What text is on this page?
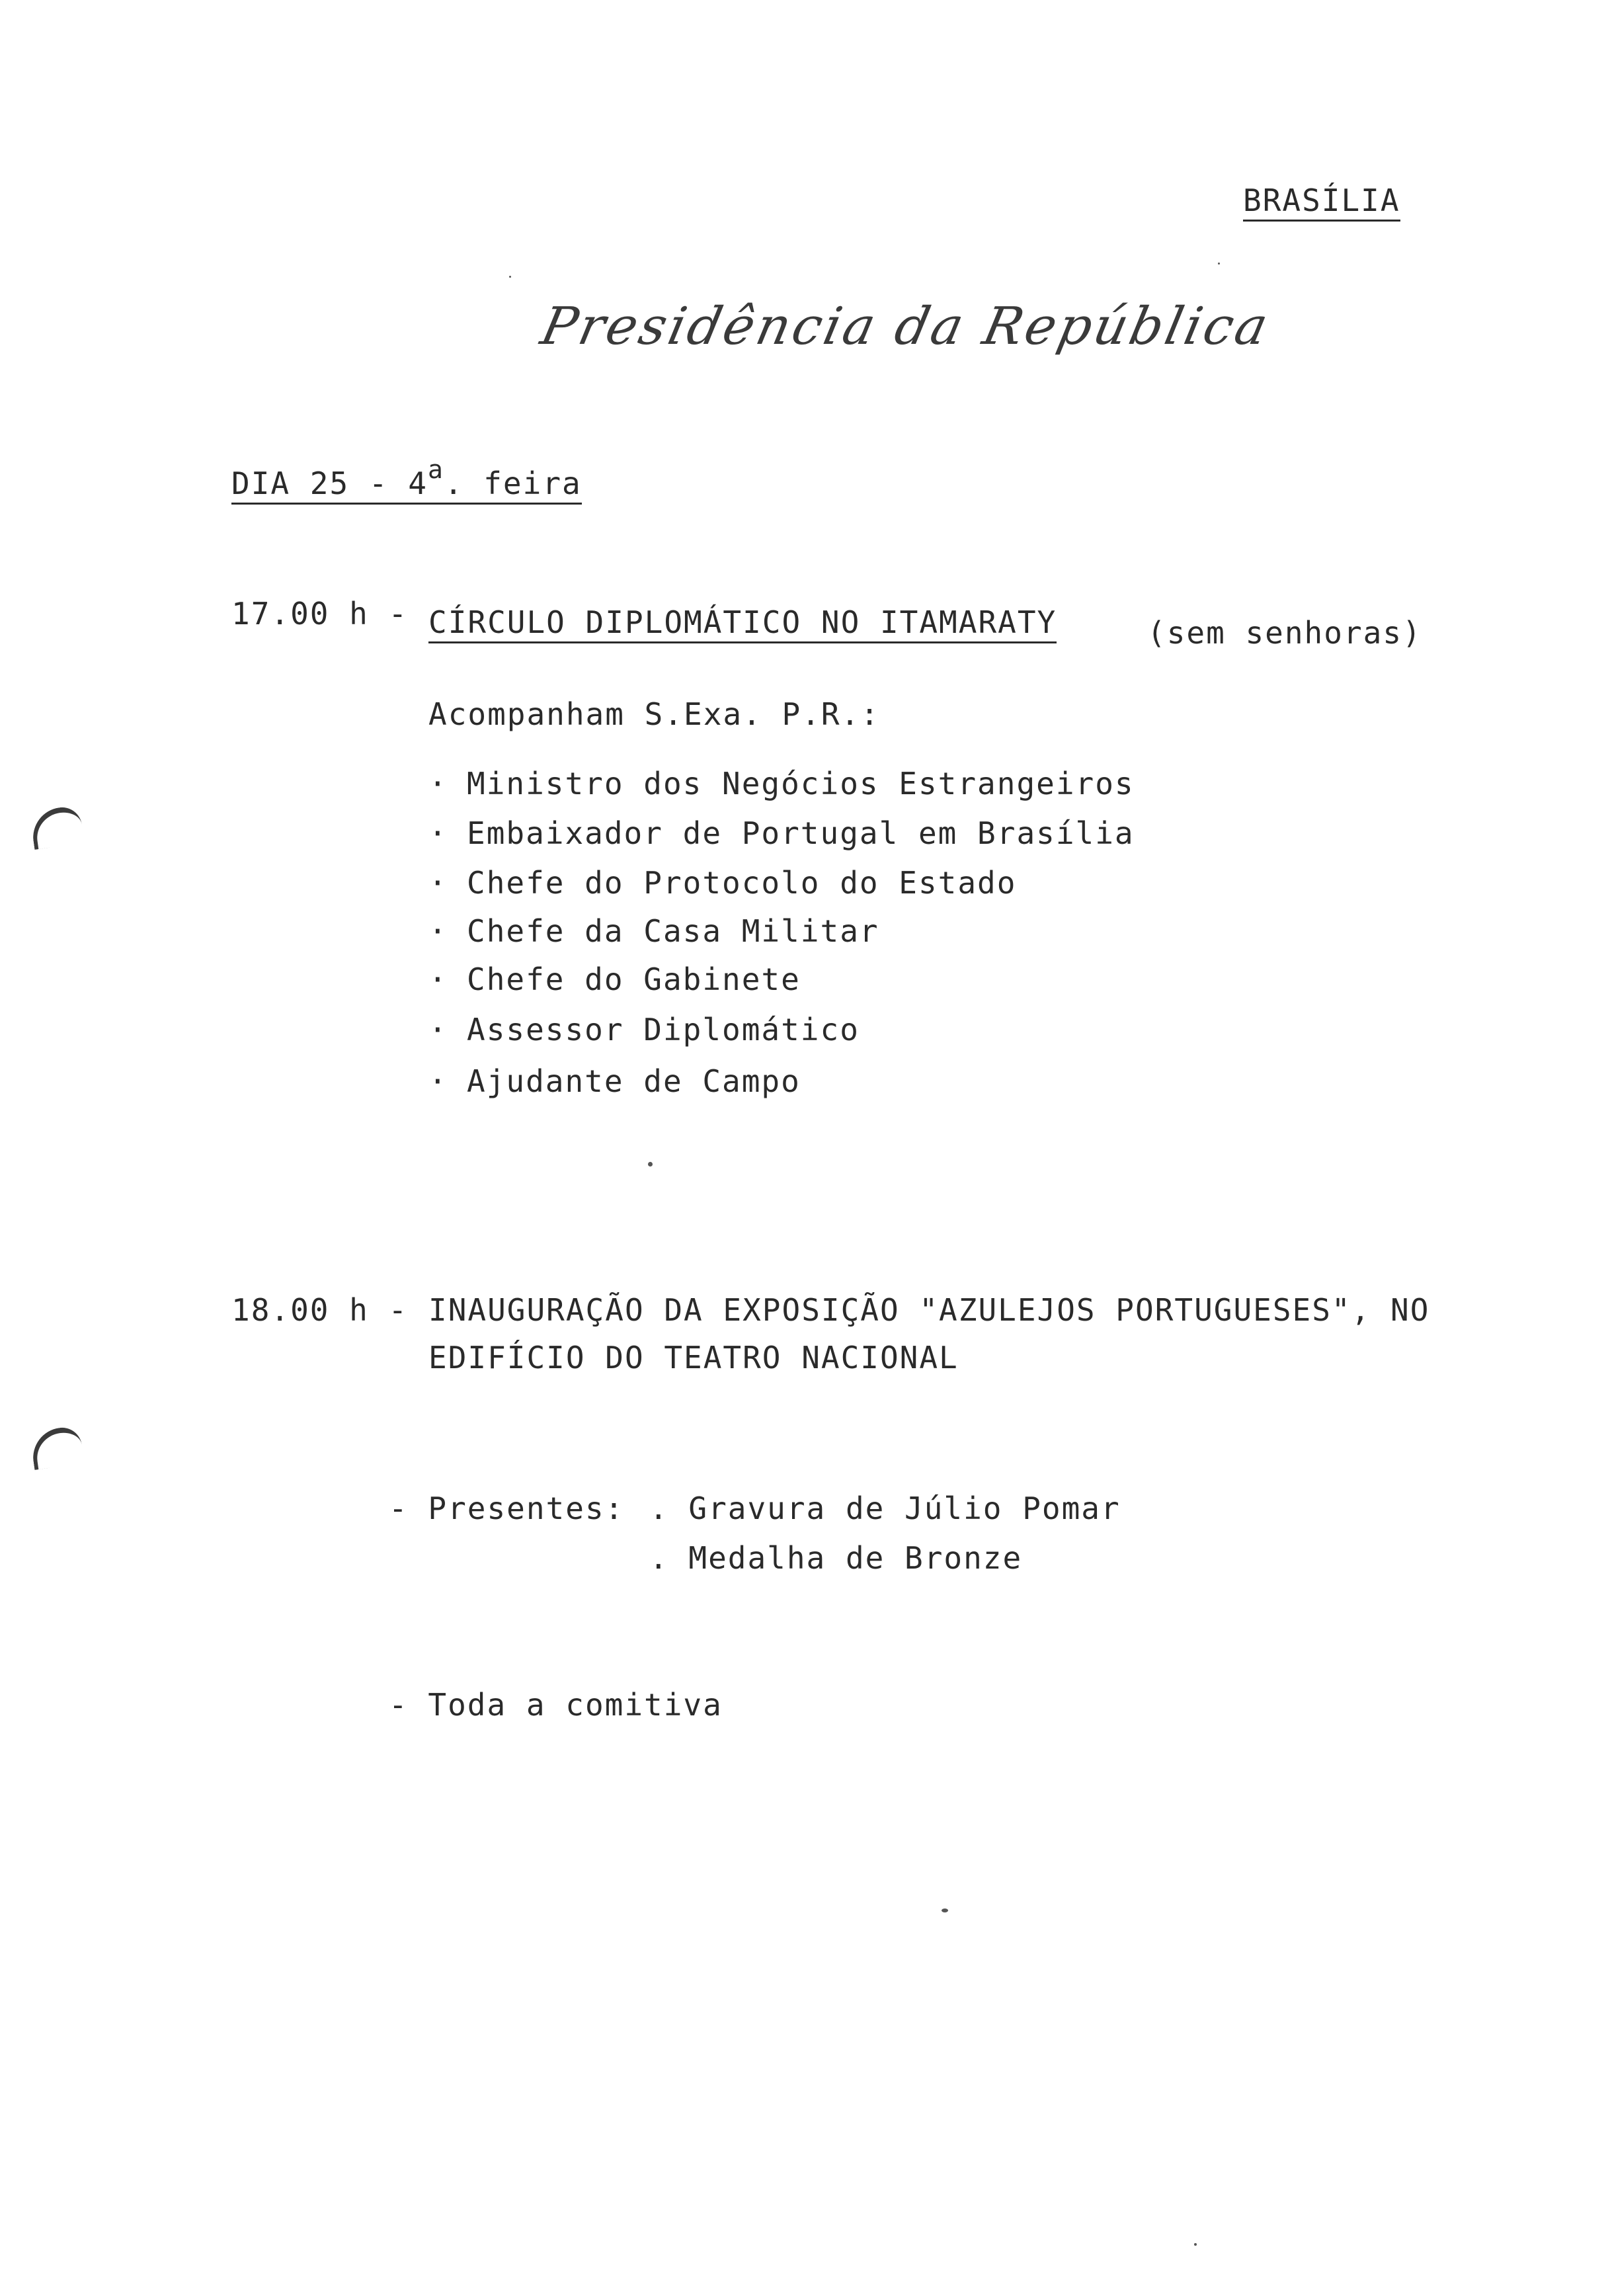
BRASÍLIA
Presidência da República
DIA 25 - 4$^a$. feira
17.00 h - CÍRCULO DIPLOMÁTICO NO ITAMARATY	(sem senhoras)
Acompanham S.Exa. P.R.:
· Ministro dos Negócios Estrangeiros
· Embaixador de Portugal em Brasília
· Chefe do Protocolo do Estado
· Chefe da Casa Militar
· Chefe do Gabinete
· Assessor Diplomático
· Ajudante de Campo
18.00 h - INAUGURAÇÃO DA EXPOSIÇÃO "AZULEJOS PORTUGUESES", NO
EDIFÍCIO DO TEATRO NACIONAL
- Presentes: . Gravura de Júlio Pomar
. Medalha de Bronze
- Toda a comitiva
